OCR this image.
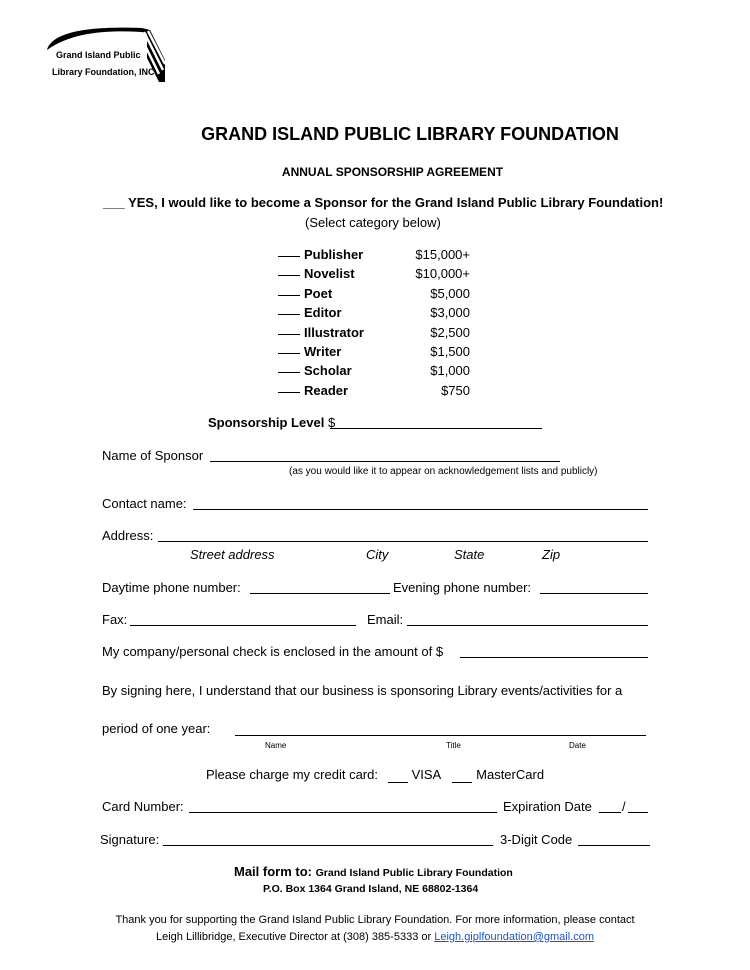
Grand Island Public
Library Foundation, INC
GRAND ISLAND PUBLIC LIBRARY FOUNDATION
ANNUAL SPONSORSHIP AGREEMENT
___ YES, I would like to become a Sponsor for the Grand Island Public Library Foundation!
(Select category below)
Publisher	$15,000+
Novelist	$10,000+
Poet	$5,000
Editor	$3,000
Illustrator	$2,500
Writer	$1,500
Scholar	$1,000
Reader	$750
Sponsorship Level $
Name of Sponsor
(as you would like it to appear on acknowledgement lists and publicly)
Contact name:
Address:
Street address	City	State	Zip
Daytime phone number:	Evening phone number:
Fax:	Email:
My company/personal check is enclosed in the amount of $
By signing here, I understand that our business is sponsoring Library events/activities for a
period of one year:
Name	Title	Date
Please charge my credit card:	VISA	MasterCard
Card Number:	Expiration Date /
Signature:	3-Digit Code
Mail form to: Grand Island Public Library Foundation
P.O. Box 1364 Grand Island, NE 68802-1364
Thank you for supporting the Grand Island Public Library Foundation. For more information, please contact
Leigh Lillibridge, Executive Director at (308) 385-5333 or Leigh.giplfoundation@gmail.com
